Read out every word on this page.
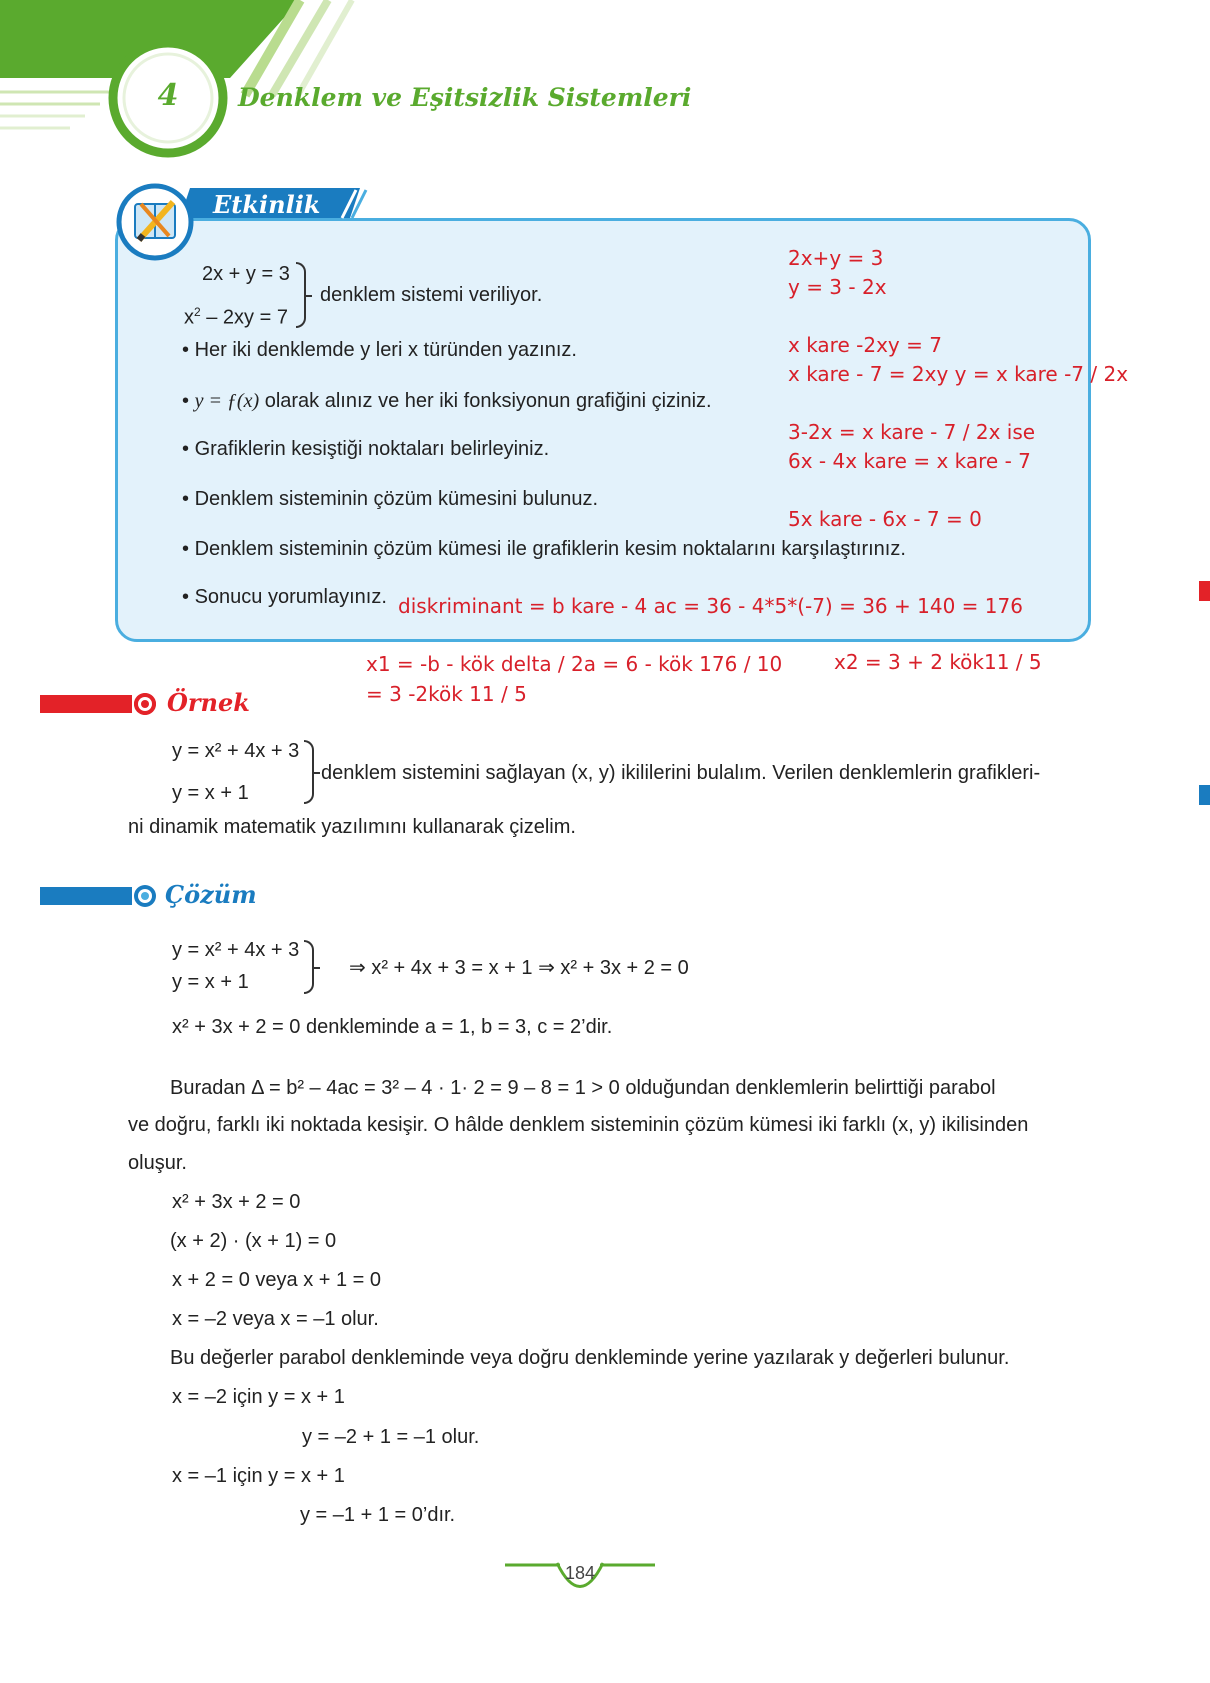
4	Denklem ve Eşitsizlik Sistemleri
Etkinlik
2x + y = 3
$x^2 - 2xy = 7$
denklem sistemi veriliyor.
• Her iki denklemde y leri x türünden yazınız.
• y = ƒ(x) olarak alınız ve her iki fonksiyonun grafiğini çiziniz.
• Grafiklerin kesiştiği noktaları belirleyiniz.
• Denklem sisteminin çözüm kümesini bulunuz.
• Denklem sisteminin çözüm kümesi ile grafiklerin kesim noktalarını karşılaştırınız.
• Sonucu yorumlayınız.
2x+y = 3
y = 3 - 2x
x kare -2xy = 7
x kare - 7 = 2xy y = x kare -7 / 2x
3-2x = x kare - 7 / 2x ise
6x - 4x kare = x kare - 7
5x kare - 6x - 7 = 0
diskriminant = b kare - 4 ac = 36 - 4*5*(-7) = 36 + 140 = 176
x1 = -b - kök delta / 2a = 6 - kök 176 / 10
= 3 -2kök 11 / 5
x2 = 3 + 2 kök11 / 5
Örnek
y = x² + 4x + 3
y = x + 1
denklem sistemini sağlayan (x, y) ikililerini bulalım. Verilen denklemlerin grafikleri-
ni dinamik matematik yazılımını kullanarak çizelim.
Çözüm
y = x² + 4x + 3
y = x + 1
⇒ x² + 4x + 3 = x + 1 ⇒ x² + 3x + 2 = 0
x² + 3x + 2 = 0 denkleminde a = 1, b = 3, c = 2’dir.
Buradan Δ = b² – 4ac = 3² – 4 · 1· 2 = 9 – 8 = 1 > 0 olduğundan denklemlerin belirttiği parabol
ve doğru, farklı iki noktada kesişir. O hâlde denklem sisteminin çözüm kümesi iki farklı (x, y) ikilisinden
oluşur.
x² + 3x + 2 = 0
(x + 2) · (x + 1) = 0
x + 2 = 0 veya x + 1 = 0
x = –2 veya x = –1 olur.
Bu değerler parabol denkleminde veya doğru denkleminde yerine yazılarak y değerleri bulunur.
x = –2 için y = x + 1
y = –2 + 1 = –1 olur.
x = –1 için y = x + 1
y = –1 + 1 = 0’dır.
184
